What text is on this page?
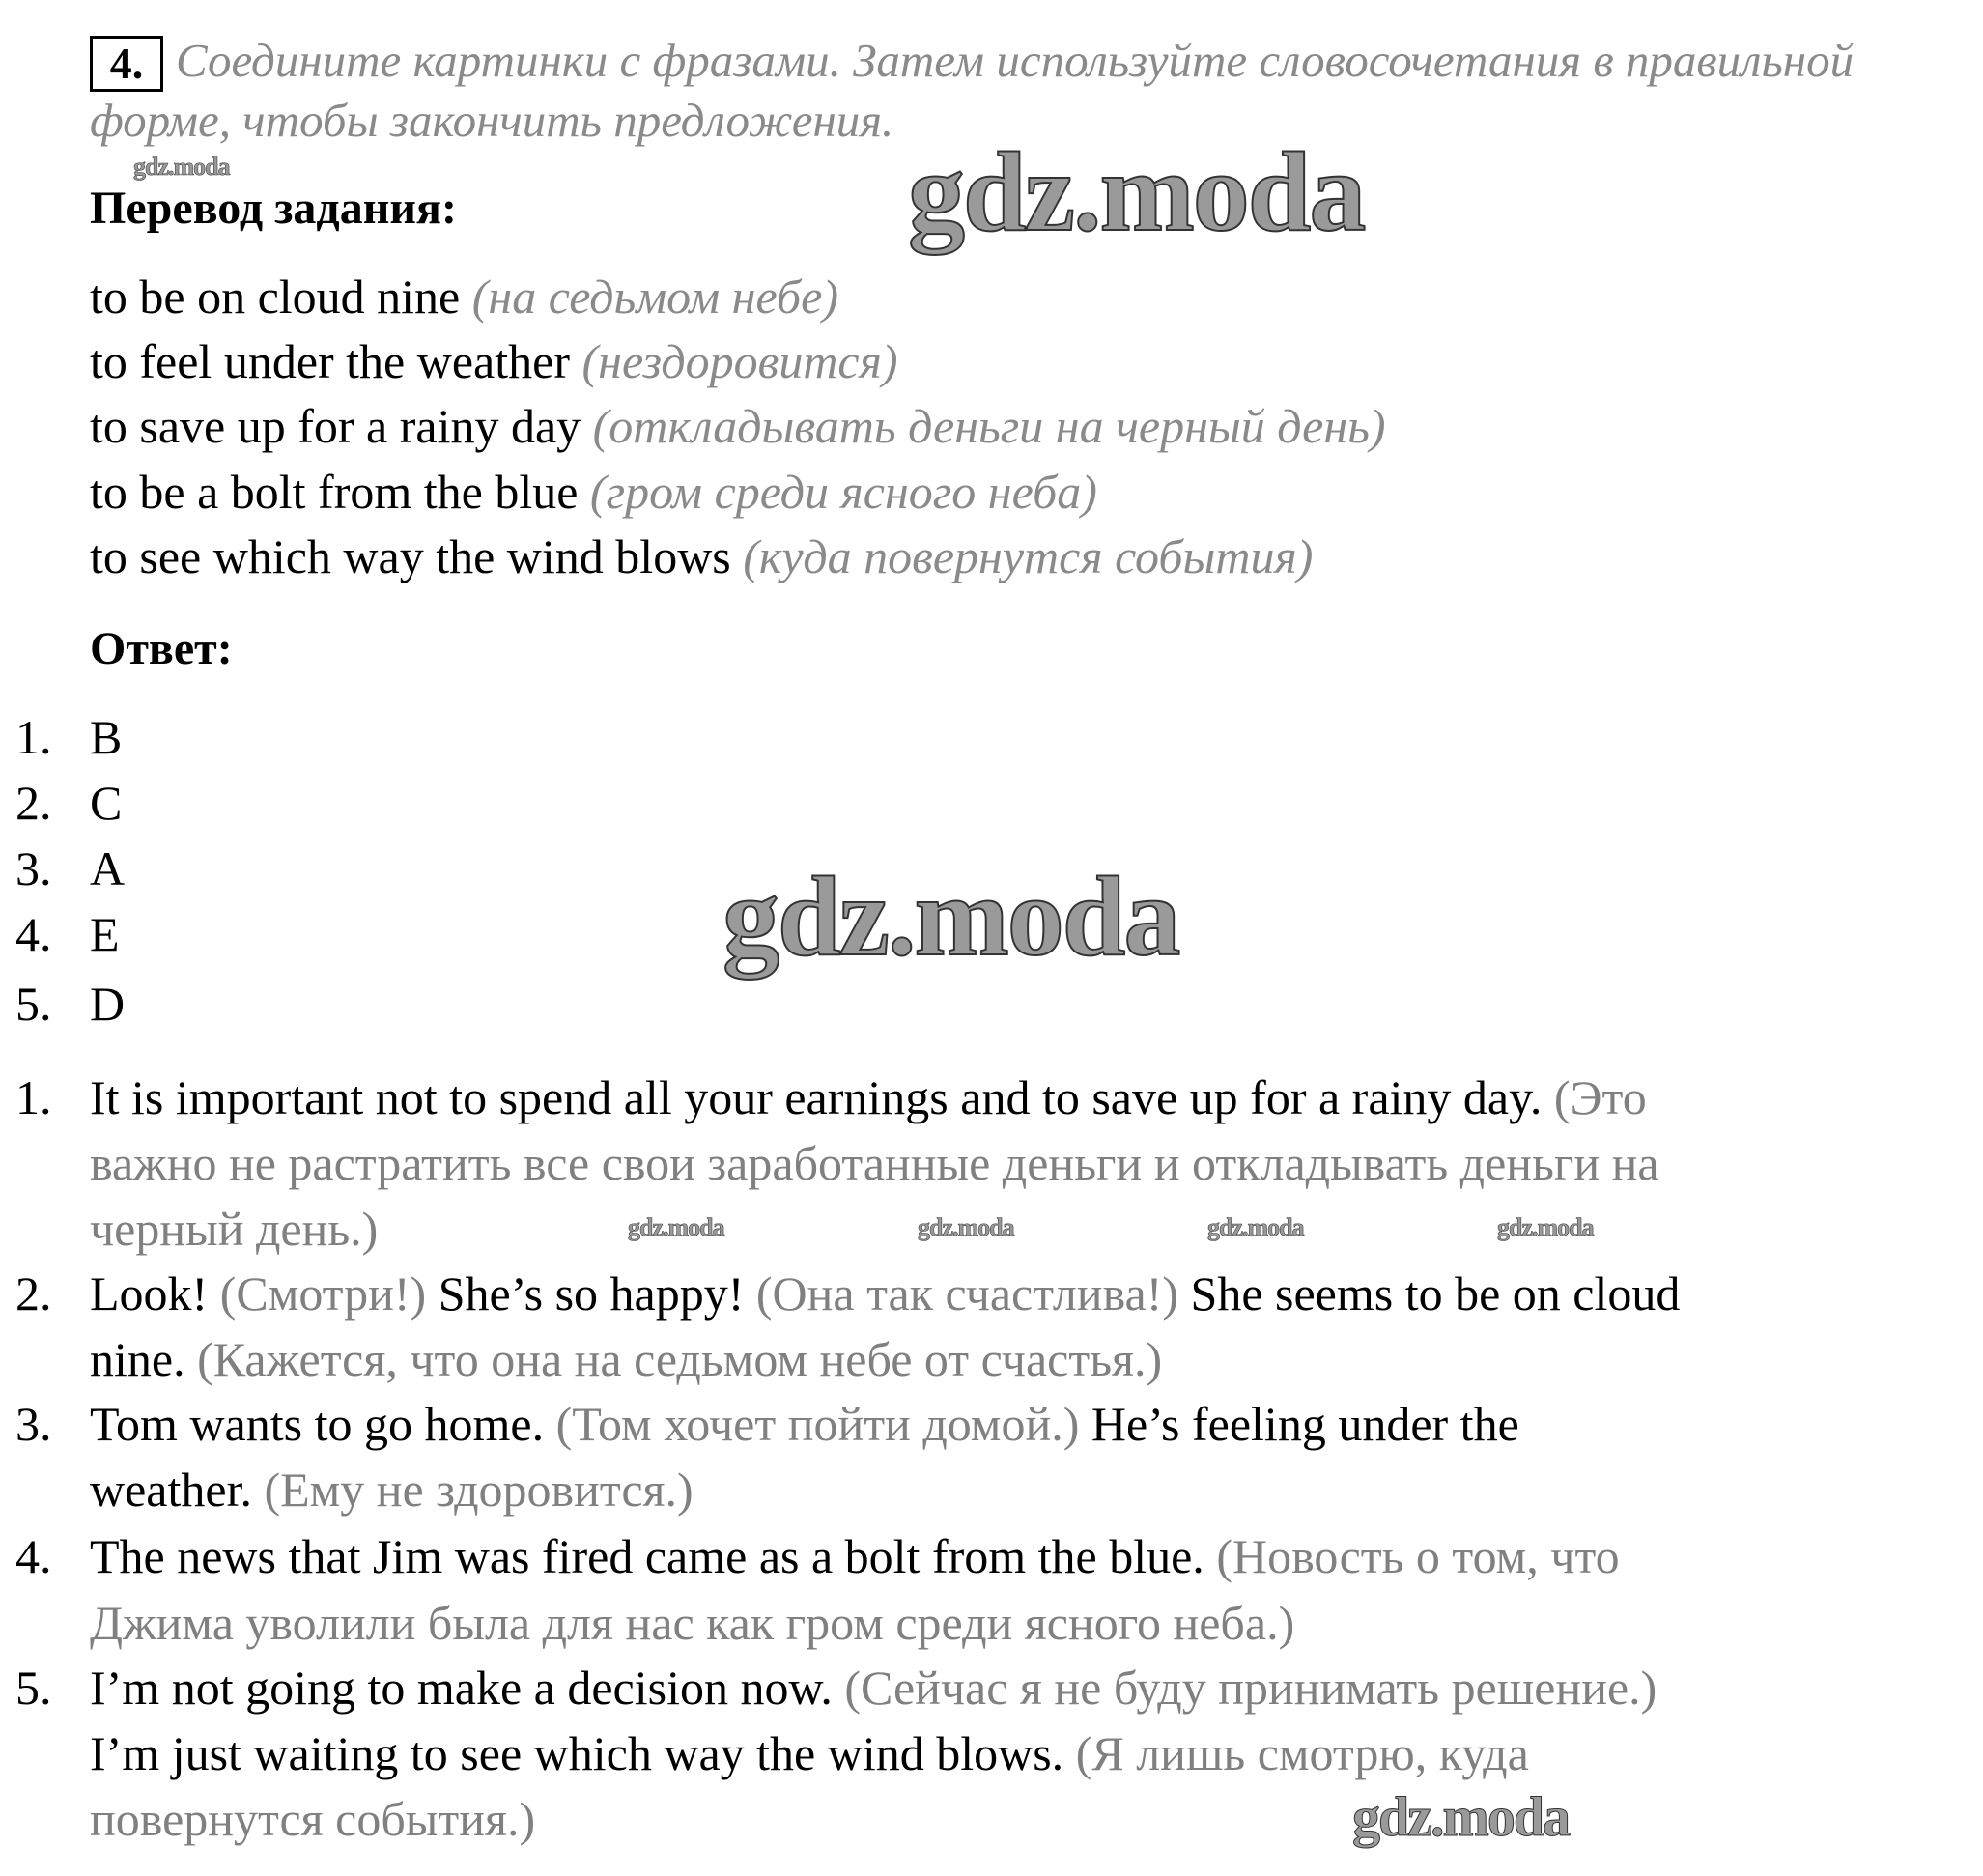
4. Соедините картинки с фразами. Затем используйте словосочетания в правильной
форме, чтобы закончить предложения.
Перевод задания:
to be on cloud nine (на седьмом небе)
to feel under the weather (нездоровится)
to save up for a rainy day (откладывать деньги на черный день)
to be a bolt from the blue (гром среди ясного неба)
to see which way the wind blows (куда повернутся события)
Ответ:
1. B
2. C
3. A
4. E
5. D
1. It is important not to spend all your earnings and to save up for a rainy day. (Это
важно не растратить все свои заработанные деньги и откладывать деньги на
черный день.)
2. Look! (Смотри!) She’s so happy! (Она так счастлива!) She seems to be on cloud
nine. (Кажется, что она на седьмом небе от счастья.)
3. Tom wants to go home. (Том хочет пойти домой.) He’s feeling under the
weather. (Ему не здоровится.)
4. The news that Jim was fired came as a bolt from the blue. (Новость о том, что
Джима уволили была для нас как гром среди ясного неба.)
5. I’m not going to make a decision now. (Сейчас я не буду принимать решение.)
I’m just waiting to see which way the wind blows. (Я лишь смотрю, куда
повернутся события.)
gdz.moda
gdz.moda
gdz.moda
gdz.moda
gdz.moda	gdz.moda	gdz.moda	gdz.moda
